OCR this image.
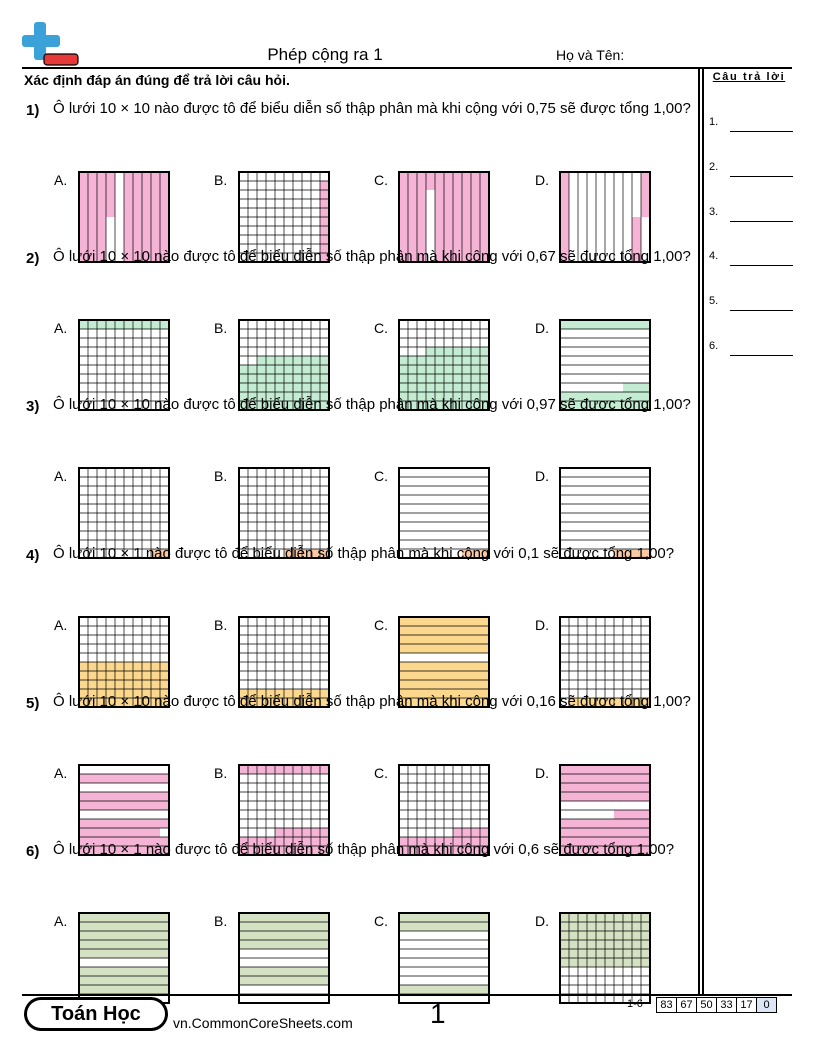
Phép cộng ra 1	Họ và Tên:
Xác định đáp án đúng để trả lời câu hỏi.	Câu trả lời
1.
2.
3.
4.
5.
6.
1) Ô lưới 10 × 10 nào được tô để biểu diễn số thập phân mà khi cộng với 0,75 sẽ được tổng 1,00?
A.	B.	C.	D.
2) Ô lưới 10 × 10 nào được tô để biểu diễn số thập phân mà khi cộng với 0,67 sẽ được tổng 1,00?
A.	B.	C.	D.
3) Ô lưới 10 × 10 nào được tô để biểu diễn số thập phân mà khi cộng với 0,97 sẽ được tổng 1,00?
A.	B.	C.	D.
4) Ô lưới 10 × 1 nào được tô để biểu diễn số thập phân mà khi cộng với 0,1 sẽ được tổng 1,00?
A.	B.	C.	D.
5) Ô lưới 10 × 10 nào được tô để biểu diễn số thập phân mà khi cộng với 0,16 sẽ được tổng 1,00?
A.	B.	C.	D.
6) Ô lưới 10 × 1 nào được tô để biểu diễn số thập phân mà khi cộng với 0,6 sẽ được tổng 1,00?
A.	B.	C.	D.
Toán Học	vn.CommonCoreSheets.com	1	1-6	83 67 50 33 17 0
